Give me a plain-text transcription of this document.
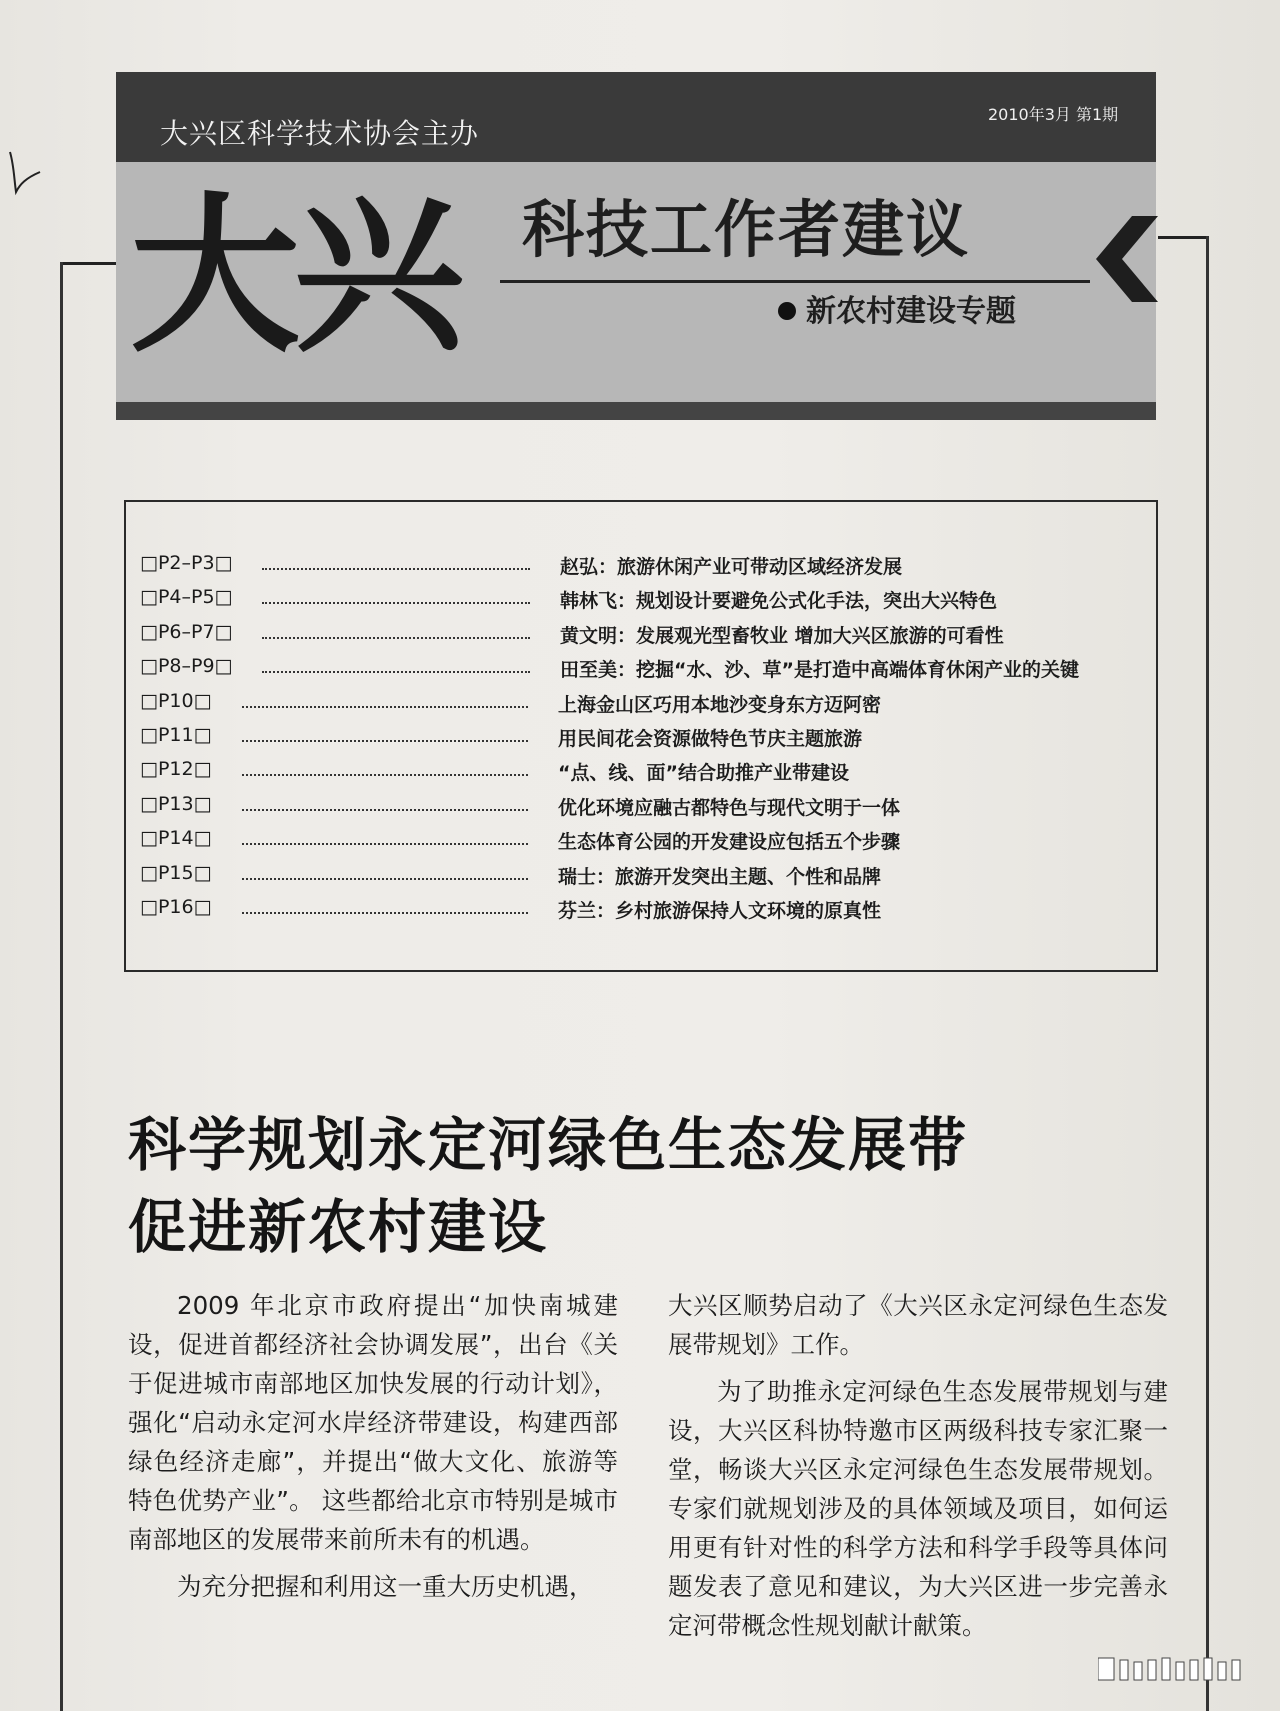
大兴区科学技术协会主办
2010年3月 第1期
大兴 科技工作者建议
新农村建设专题
□P2–P3□	赵弘：旅游休闲产业可带动区域经济发展
□P4–P5□	韩林飞：规划设计要避免公式化手法，突出大兴特色
□P6–P7□	黄文明：发展观光型畜牧业 增加大兴区旅游的可看性
□P8–P9□	田至美：挖掘“水、沙、草”是打造中高端体育休闲产业的关键
□P10□	上海金山区巧用本地沙变身东方迈阿密
□P11□	用民间花会资源做特色节庆主题旅游
□P12□	“点、线、面”结合助推产业带建设
□P13□	优化环境应融古都特色与现代文明于一体
□P14□	生态体育公园的开发建设应包括五个步骤
□P15□	瑞士：旅游开发突出主题、个性和品牌
□P16□	芬兰：乡村旅游保持人文环境的原真性
科学规划永定河绿色生态发展带
促进新农村建设

2009 年北京市政府提出“加快南城建设，促进首都经济社会协调发展”，出台《关于促进城市南部地区加快发展的行动计划》，强化“启动永定河水岸经济带建设，构建西部绿色经济走廊”，并提出“做大文化、旅游等特色优势产业”。 这些都给北京市特别是城市南部地区的发展带来前所未有的机遇。

为充分把握和利用这一重大历史机遇，

大兴区顺势启动了《大兴区永定河绿色生态发展带规划》工作。

为了助推永定河绿色生态发展带规划与建设，大兴区科协特邀市区两级科技专家汇聚一堂，畅谈大兴区永定河绿色生态发展带规划。专家们就规划涉及的具体领域及项目，如何运用更有针对性的科学方法和科学手段等具体问题发表了意见和建议，为大兴区进一步完善永定河带概念性规划献计献策。
